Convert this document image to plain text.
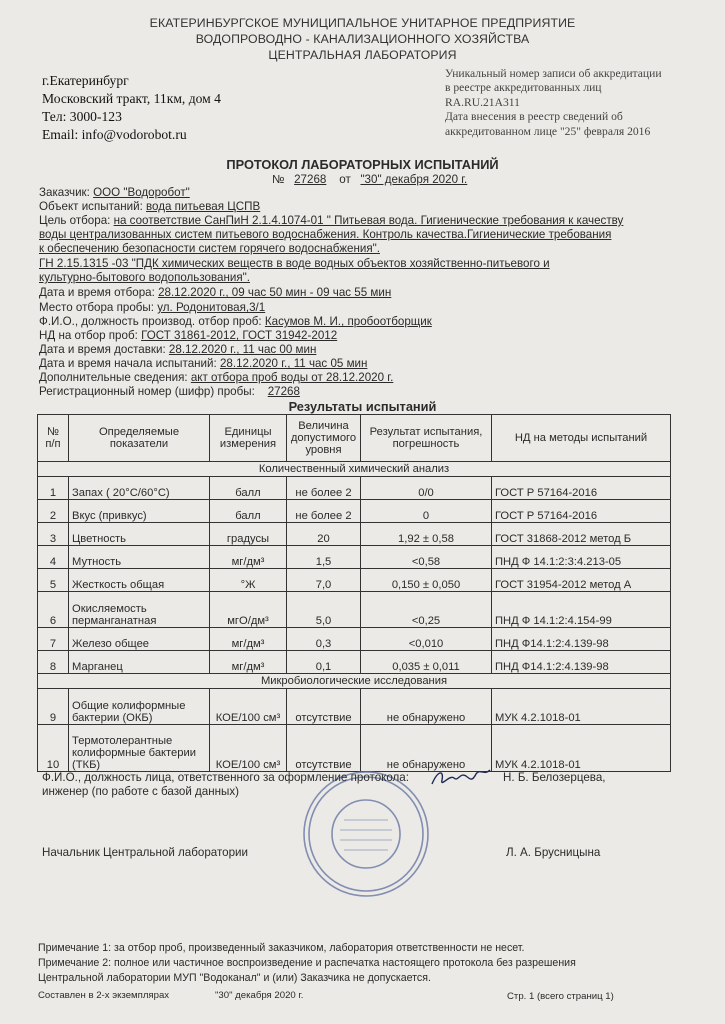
ЕКАТЕРИНБУРГСКОЕ МУНИЦИПАЛЬНОЕ УНИТАРНОЕ ПРЕДПРИЯТИЕ
ВОДОПРОВОДНО - КАНАЛИЗАЦИОННОГО ХОЗЯЙСТВА
ЦЕНТРАЛЬНАЯ ЛАБОРАТОРИЯ
г.Екатеринбург
Московский тракт, 11км, дом 4
Тел: 3000-123
Email: info@vodorobot.ru
Уникальный номер записи об аккредитации
в реестре аккредитованных лиц
RA.RU.21A311
Дата внесения в реестр сведений об
аккредитованном лице "25" февраля 2016
ПРОТОКОЛ ЛАБОРАТОРНЫХ ИСПЫТАНИЙ
№ 27268 от "30" декабря 2020 г.
Заказчик: ООО "Водоробот"
Объект испытаний: вода питьевая ЦСПВ
Цель отбора: на соответствие СанПиН 2.1.4.1074-01 " Питьевая вода. Гигиенические требования к качеству
воды централизованных систем питьевого водоснабжения. Контроль качества.Гигиенические требования
к обеспечению безопасности систем горячего водоснабжения".
ГН 2.15.1315 -03 "ПДК химических веществ в воде водных объектов хозяйственно-питьевого и
культурно-бытового водопользования".
Дата и время отбора: 28.12.2020 г., 09 час 50 мин - 09 час 55 мин
Место отбора пробы: ул. Родонитовая,3/1
Ф.И.О., должность производ. отбор проб: Касумов М. И., пробоотборщик
НД на отбор проб: ГОСТ 31861-2012, ГОСТ 31942-2012
Дата и время доставки: 28.12.2020 г., 11 час 00 мин
Дата и время начала испытаний: 28.12.2020 г., 11 час 05 мин
Дополнительные сведения: акт отбора проб воды от 28.12.2020 г.
Регистрационный номер (шифр) пробы: 27268
Результаты испытаний
№ п/п	Определяемые показатели	Единицы измерения	Величина допустимого уровня	Результат испытания, погрешность	НД на методы испытаний
Количественный химический анализ					
1	Запах ( 20°С/60°С)	балл	не более 2	0/0	ГОСТ Р 57164-2016
2	Вкус (привкус)	балл	не более 2	0	ГОСТ Р 57164-2016
3	Цветность	градусы	20	1,92 ± 0,58	ГОСТ 31868-2012 метод Б
4	Мутность	мг/дм³	1,5	<0,58	ПНД Ф 14.1:2:3:4.213-05
5	Жесткость общая	°Ж	7,0	0,150 ± 0,050	ГОСТ 31954-2012 метод А
6	Окисляемость перманганатная	мгО/дм³	5,0	<0,25	ПНД Ф 14.1:2:4.154-99
7	Железо общее	мг/дм³	0,3	<0,010	ПНД Ф14.1:2:4.139-98
8	Марганец	мг/дм³	0,1	0,035 ± 0,011	ПНД Ф14.1:2:4.139-98
Микробиологические исследования					
9	Общие колиформные бактерии (ОКБ)	КОЕ/100 см³	отсутствие	не обнаружено	МУК 4.2.1018-01
10	Термотолерантные колиформные бактерии (ТКБ)	КОЕ/100 см³	отсутствие	не обнаружено	МУК 4.2.1018-01
Ф.И.О., должность лица, ответственного за оформление протокола:
инженер (по работе с базой данных)
Н. Б. Белозерцева,
Начальник Центральной лаборатории	Л. А. Брусницына
Примечание 1: за отбор проб, произведенный заказчиком, лаборатория ответственности не несет.
Примечание 2: полное или частичное воспроизведение и распечатка настоящего протокола без разрешения
Центральной лаборатории МУП "Водоканал" и (или) Заказчика не допускается.
Составлен в 2-х экземплярах	"30" декабря 2020 г.	Стр. 1 (всего страниц 1)
